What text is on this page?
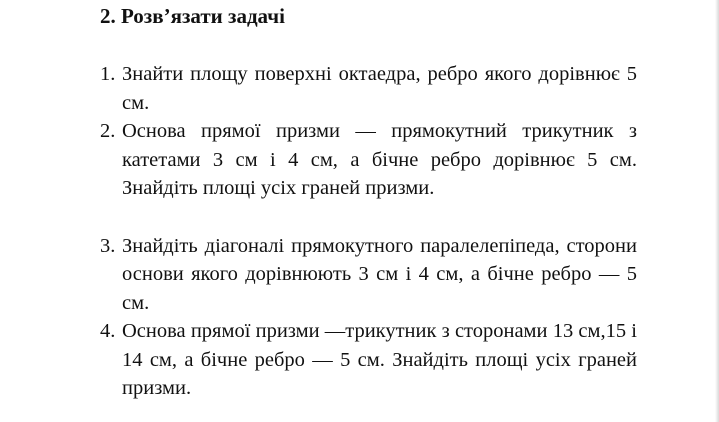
2. Розв’язати задачі
1. Знайти площу поверхні октаедра, ребро якого дорівнює 5 см.
2. Основа прямої призми — прямокутний трикутник з катетами 3 см і 4 см, а бічне ребро дорівнює 5 см. Знайдіть площі усіх граней призми.
3. Знайдіть діагоналі прямокутного паралелепіпеда, сторони основи якого дорівнюють 3 см і 4 см, а бічне ребро — 5 см.
4. Основа прямої призми —трикутник з сторонами 13 см,15 і 14 см, а бічне ребро — 5 см. Знайдіть площі усіх граней призми.
